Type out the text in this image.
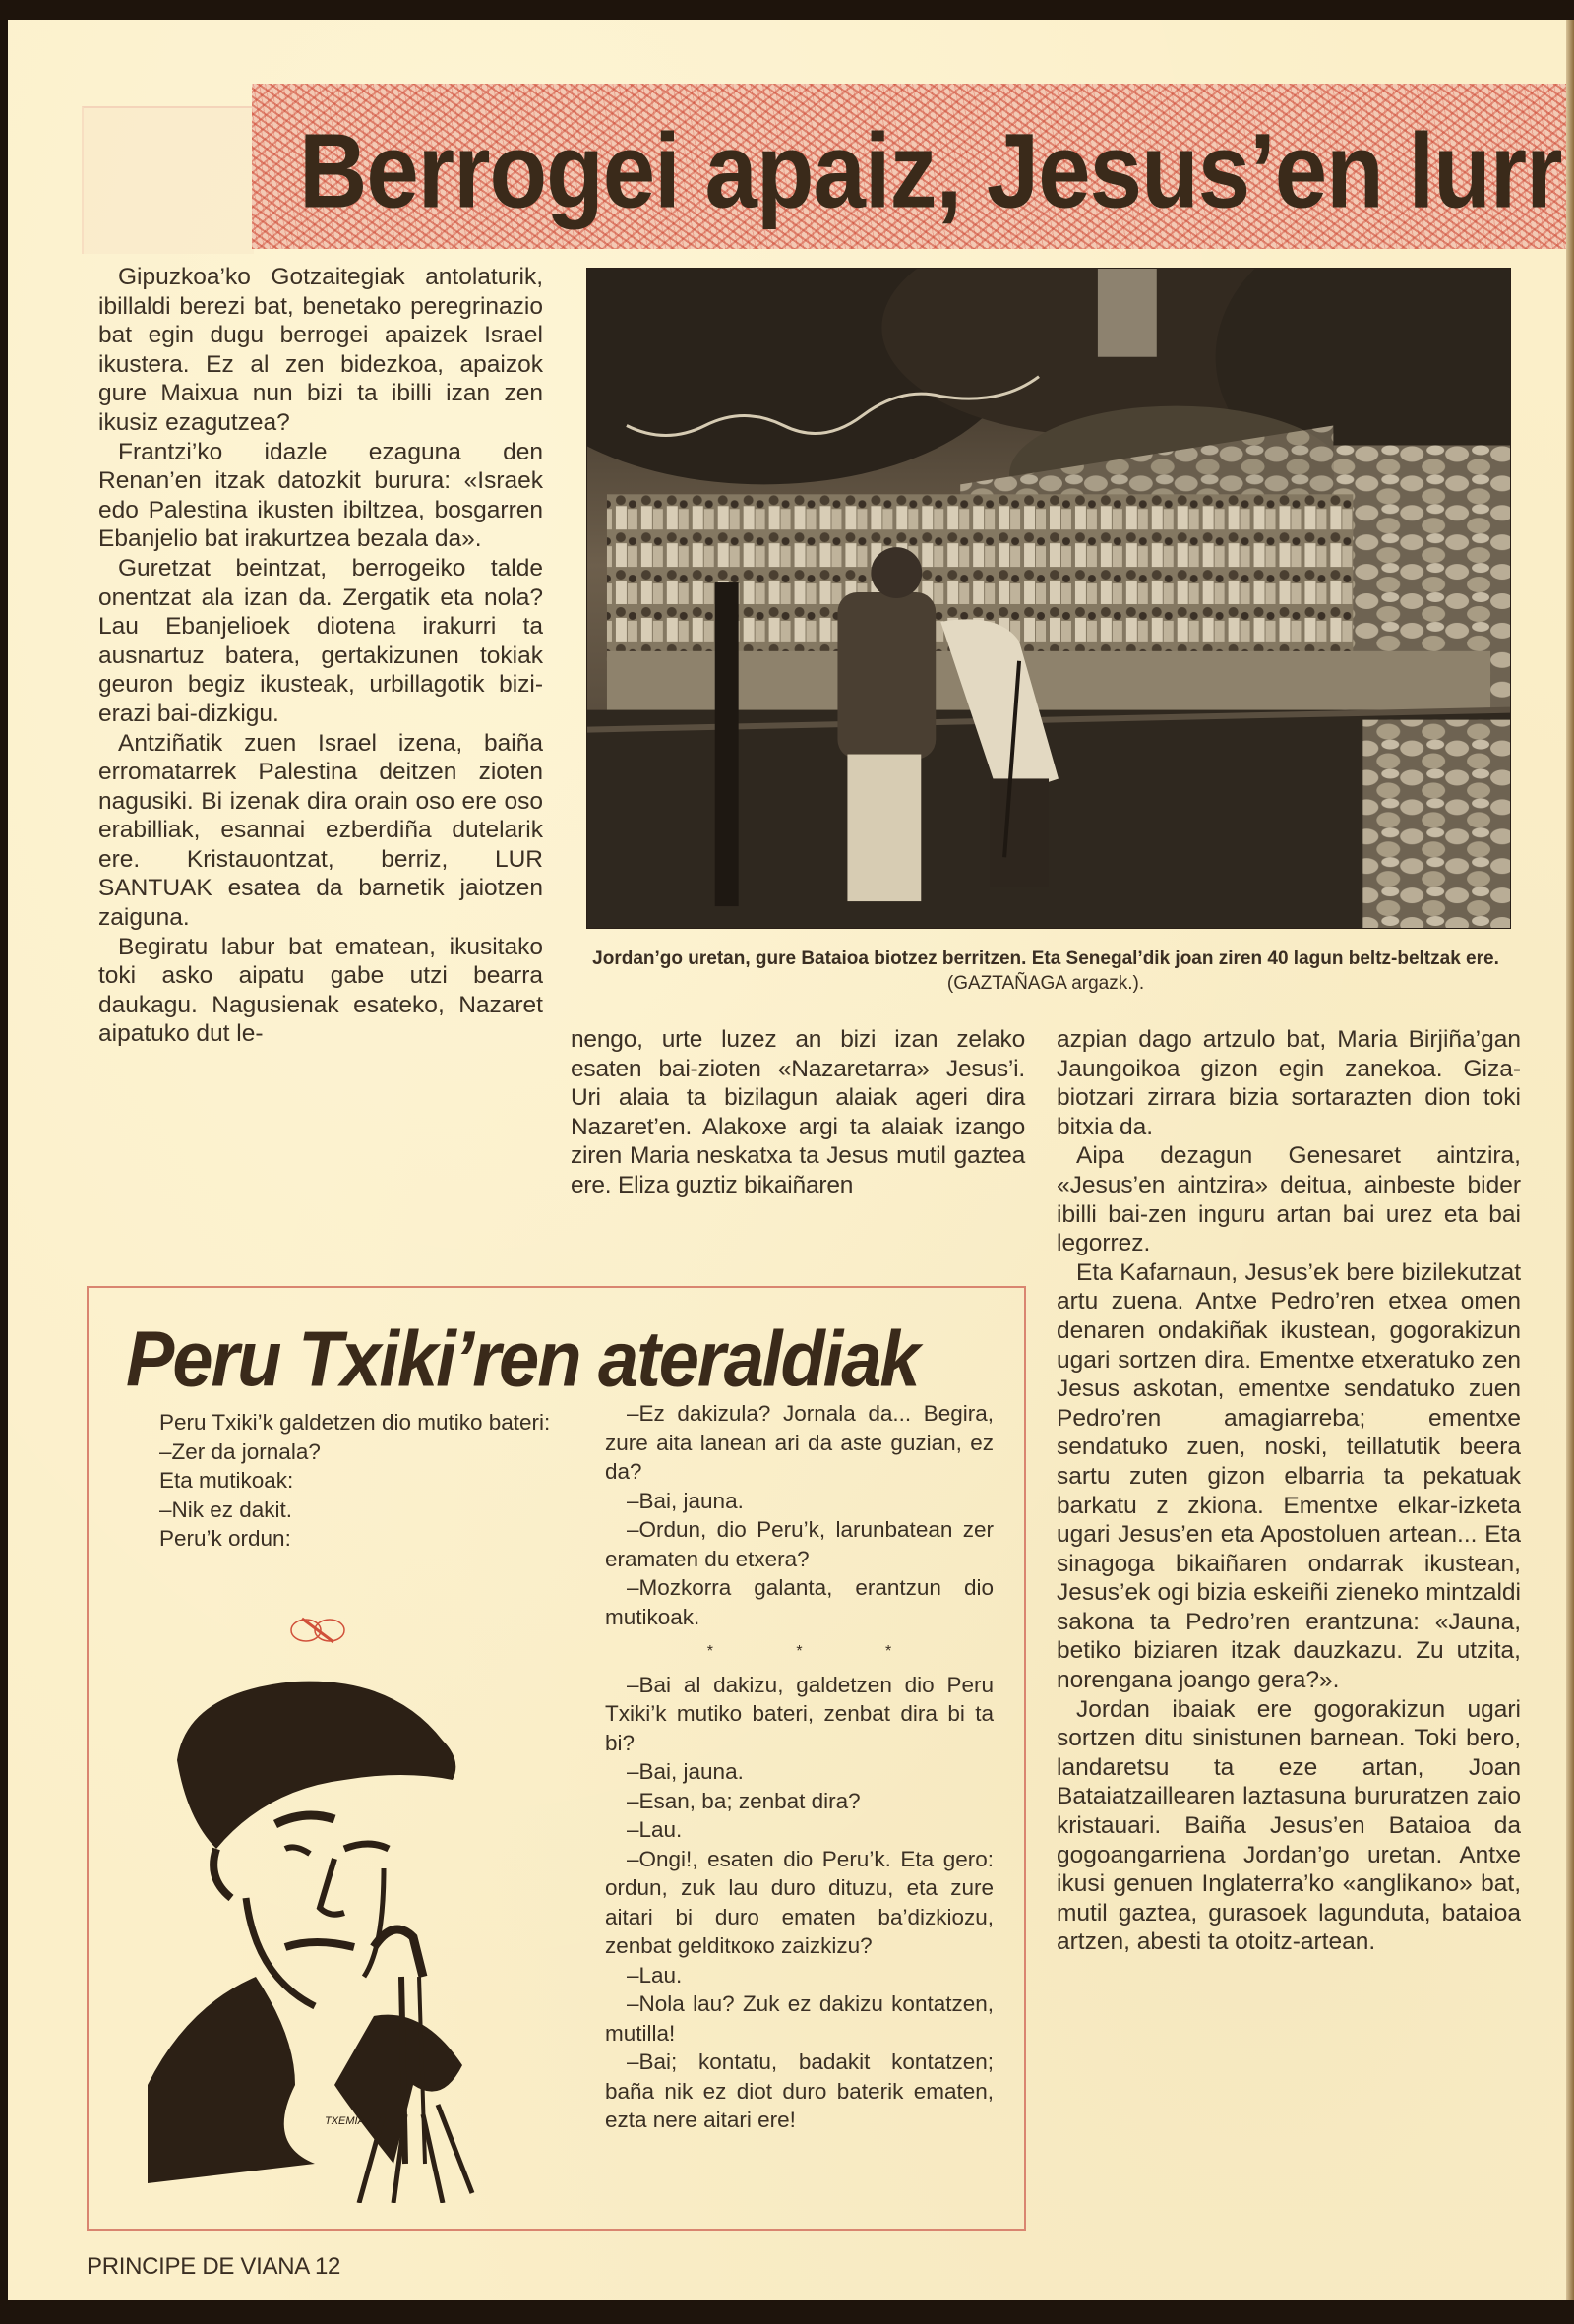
Berrogei apaiz, Jesus’en lurr

Gipuzkoa’ko Gotzaitegiak antolaturik, ibillaldi berezi bat, benetako peregrinazio bat egin dugu berrogei apaizek Israel ikustera. Ez al zen bidezkoa, apaizok gure Maixua nun bizi ta ibilli izan zen ikusiz ezagutzea?

Frantzi’ko idazle ezaguna den Renan’en itzak datozkit burura: «Israek edo Palestina ikusten ibiltzea, bosgarren Ebanjelio bat irakurtzea bezala da».

Guretzat beintzat, berrogeiko talde onentzat ala izan da. Zergatik eta nola? Lau Ebanjelioek diotena irakurri ta ausnartuz batera, gertakizunen tokiak geuron begiz ikusteak, urbillagotik bizi-erazi bai-dizkigu.

Antziñatik zuen Israel izena, baiña erromatarrek Palestina deitzen zioten nagusiki. Bi izenak dira orain oso ere oso erabilliak, esannai ezberdiña dutelarik ere. Kristauontzat, berriz, LUR SANTUAK esatea da barnetik jaiotzen zaiguna.

Begiratu labur bat ematean, ikusitako toki asko aipatu gabe utzi bearra daukagu. Nagusienak esateko, Nazaret aipatuko dut le-

Jordan’go uretan, gure Bataioa biotzez berritzen. Eta Senegal’dik joan ziren 40 lagun beltz-beltzak ere. (GAZTAÑAGA argazk.).

nengo, urte luzez an bizi izan zelako esaten bai-zioten «Nazaretarra» Jesus’i. Uri alaia ta bizilagun alaiak ageri dira Nazaret’en. Alakoxe argi ta alaiak izango ziren Maria neskatxa ta Jesus mutil gaztea ere. Eliza guztiz bikaiñaren

azpian dago artzulo bat, Maria Birjiña’gan Jaungoikoa gizon egin zanekoa. Giza-biotzari zirrara bizia sortarazten dion toki bitxia da.

Aipa dezagun Genesaret aintzira, «Jesus’en aintzira» deitua, ainbeste bider ibilli bai-zen inguru artan bai urez eta bai legorrez.

Eta Kafarnaun, Jesus’ek bere bizilekutzat artu zuena. Antxe Pedro’ren etxea omen denaren ondakiñak ikustean, gogorakizun ugari sortzen dira. Ementxe etxeratuko zen Jesus askotan, ementxe sendatuko zuen Pedro’ren amagiarreba; ementxe sendatuko zuen, noski, teillatutik beera sartu zuten gizon elbarria ta pekatuak barkatu z zkiona. Ementxe elkar-izketa ugari Jesus’en eta Apostoluen artean... Eta sinagoga bikaiñaren ondarrak ikustean, Jesus’ek ogi bizia eskeiñi zieneko mintzaldi sakona ta Pedro’ren erantzuna: «Jauna, betiko biziaren itzak dauzkazu. Zu utzita, norengana joango gera?».

Jordan ibaiak ere gogorakizun ugari sortzen ditu sinistunen barnean. Toki bero, landaretsu ta eze artan, Joan Bataiatzaillearen laztasuna bururatzen zaio kristauari. Baiña Jesus’en Bataioa da gogoangarriena Jordan’go uretan. Antxe ikusi genuen Inglaterra’ko «anglikano» bat, mutil gaztea, gurasoek lagunduta, bataioa artzen, abesti ta otoitz-artean.

Peru Txiki’ren ateraldiak

Peru Txiki’k galdetzen dio mutiko bateri:

–Zer da jornala?

Eta mutikoak:

–Nik ez dakit.

Peru’k ordun:

TXEMIA

–Ez dakizula? Jornala da... Begira, zure aita lanean ari da aste guzian, ez da?

–Bai, jauna.

–Ordun, dio Peru’k, larunbatean zer eramaten du etxera?

–Mozkorra galanta, erantzun dio mutikoak.

* * *

–Bai al dakizu, galdetzen dio Peru Txiki’k mutiko bateri, zenbat dira bi ta bi?

–Bai, jauna.

–Esan, ba; zenbat dira?

–Lau.

–Ongi!, esaten dio Peru’k. Eta gero: ordun, zuk lau duro dituzu, eta zure aitari bi duro ematen ba’dizkiozu, zenbat gelditкоко zaizkizu?

–Lau.

–Nola lau? Zuk ez dakizu kontatzen, mutilla!

–Bai; kontatu, badakit kontatzen; baña nik ez diot duro baterik ematen, ezta nere aitari ere!

PRINCIPE DE VIANA 12
